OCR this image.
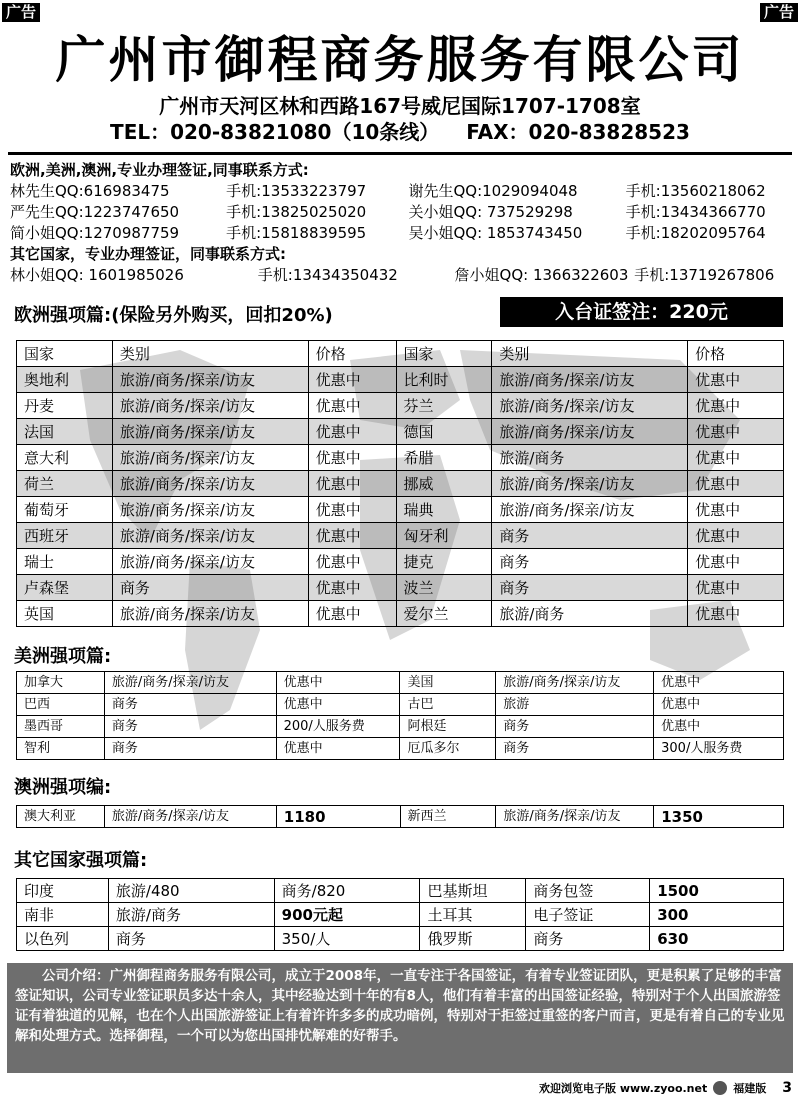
广告	广告
广州市御程商务服务有限公司
广州市天河区林和西路167号威尼国际1707-1708室
TEL：020-83821080（10条线） FAX：020-83828523
欧洲,美洲,澳洲,专业办理签证,同事联系方式:
林先生QQ:616983475	手机:13533223797	谢先生QQ:1029094048	手机:13560218062
严先生QQ:1223747650	手机:13825025020	关小姐QQ: 737529298	手机:13434366770
简小姐QQ:1270987759	手机:15818839595	吴小姐QQ: 1853743450	手机:18202095764
其它国家，专业办理签证，同事联系方式:
林小姐QQ: 1601985026	手机:13434350432	詹小姐QQ: 1366322603 手机:13719267806
欧洲强项篇:(保险另外购买，回扣20%)	入台证签注：220元
国家	类别	价格	国家	类别	价格
奥地利	旅游/商务/探亲/访友	优惠中	比利时	旅游/商务/探亲/访友	优惠中
丹麦	旅游/商务/探亲/访友	优惠中	芬兰	旅游/商务/探亲/访友	优惠中
法国	旅游/商务/探亲/访友	优惠中	德国	旅游/商务/探亲/访友	优惠中
意大利	旅游/商务/探亲/访友	优惠中	希腊	旅游/商务	优惠中
荷兰	旅游/商务/探亲/访友	优惠中	挪威	旅游/商务/探亲/访友	优惠中
葡萄牙	旅游/商务/探亲/访友	优惠中	瑞典	旅游/商务/探亲/访友	优惠中
西班牙	旅游/商务/探亲/访友	优惠中	匈牙利	商务	优惠中
瑞士	旅游/商务/探亲/访友	优惠中	捷克	商务	优惠中
卢森堡	商务	优惠中	波兰	商务	优惠中
英国	旅游/商务/探亲/访友	优惠中	爱尔兰	旅游/商务	优惠中
美洲强项篇:
加拿大	旅游/商务/探亲/访友	优惠中	美国	旅游/商务/探亲/访友	优惠中
巴西	商务	优惠中	古巴	旅游	优惠中
墨西哥	商务	200/人服务费	阿根廷	商务	优惠中
智利	商务	优惠中	厄瓜多尔	商务	300/人服务费
澳洲强项编:
澳大利亚	旅游/商务/探亲/访友	1180	新西兰	旅游/商务/探亲/访友	1350
其它国家强项篇:
印度	旅游/480	商务/820	巴基斯坦	商务包签	1500
南非	旅游/商务	900元起	土耳其	电子签证	300
以色列	商务	350/人	俄罗斯	商务	630
公司介绍：广州御程商务服务有限公司，成立于2008年，一直专注于各国签证，有着专业签证团队，更是积累了足够的丰富签证知识，公司专业签证职员多达十余人，其中经验达到十年的有8人，他们有着丰富的出国签证经验，特别对于个人出国旅游签证有着独道的见解，也在个人出国旅游签证上有着许许多多的成功暗例，特别对于拒签过重签的客户而言，更是有着自己的专业见解和处理方式。选择御程，一个可以为您出国排忧解难的好帮手。
欢迎浏览电子版 www.zyoo.net 福建版 3
